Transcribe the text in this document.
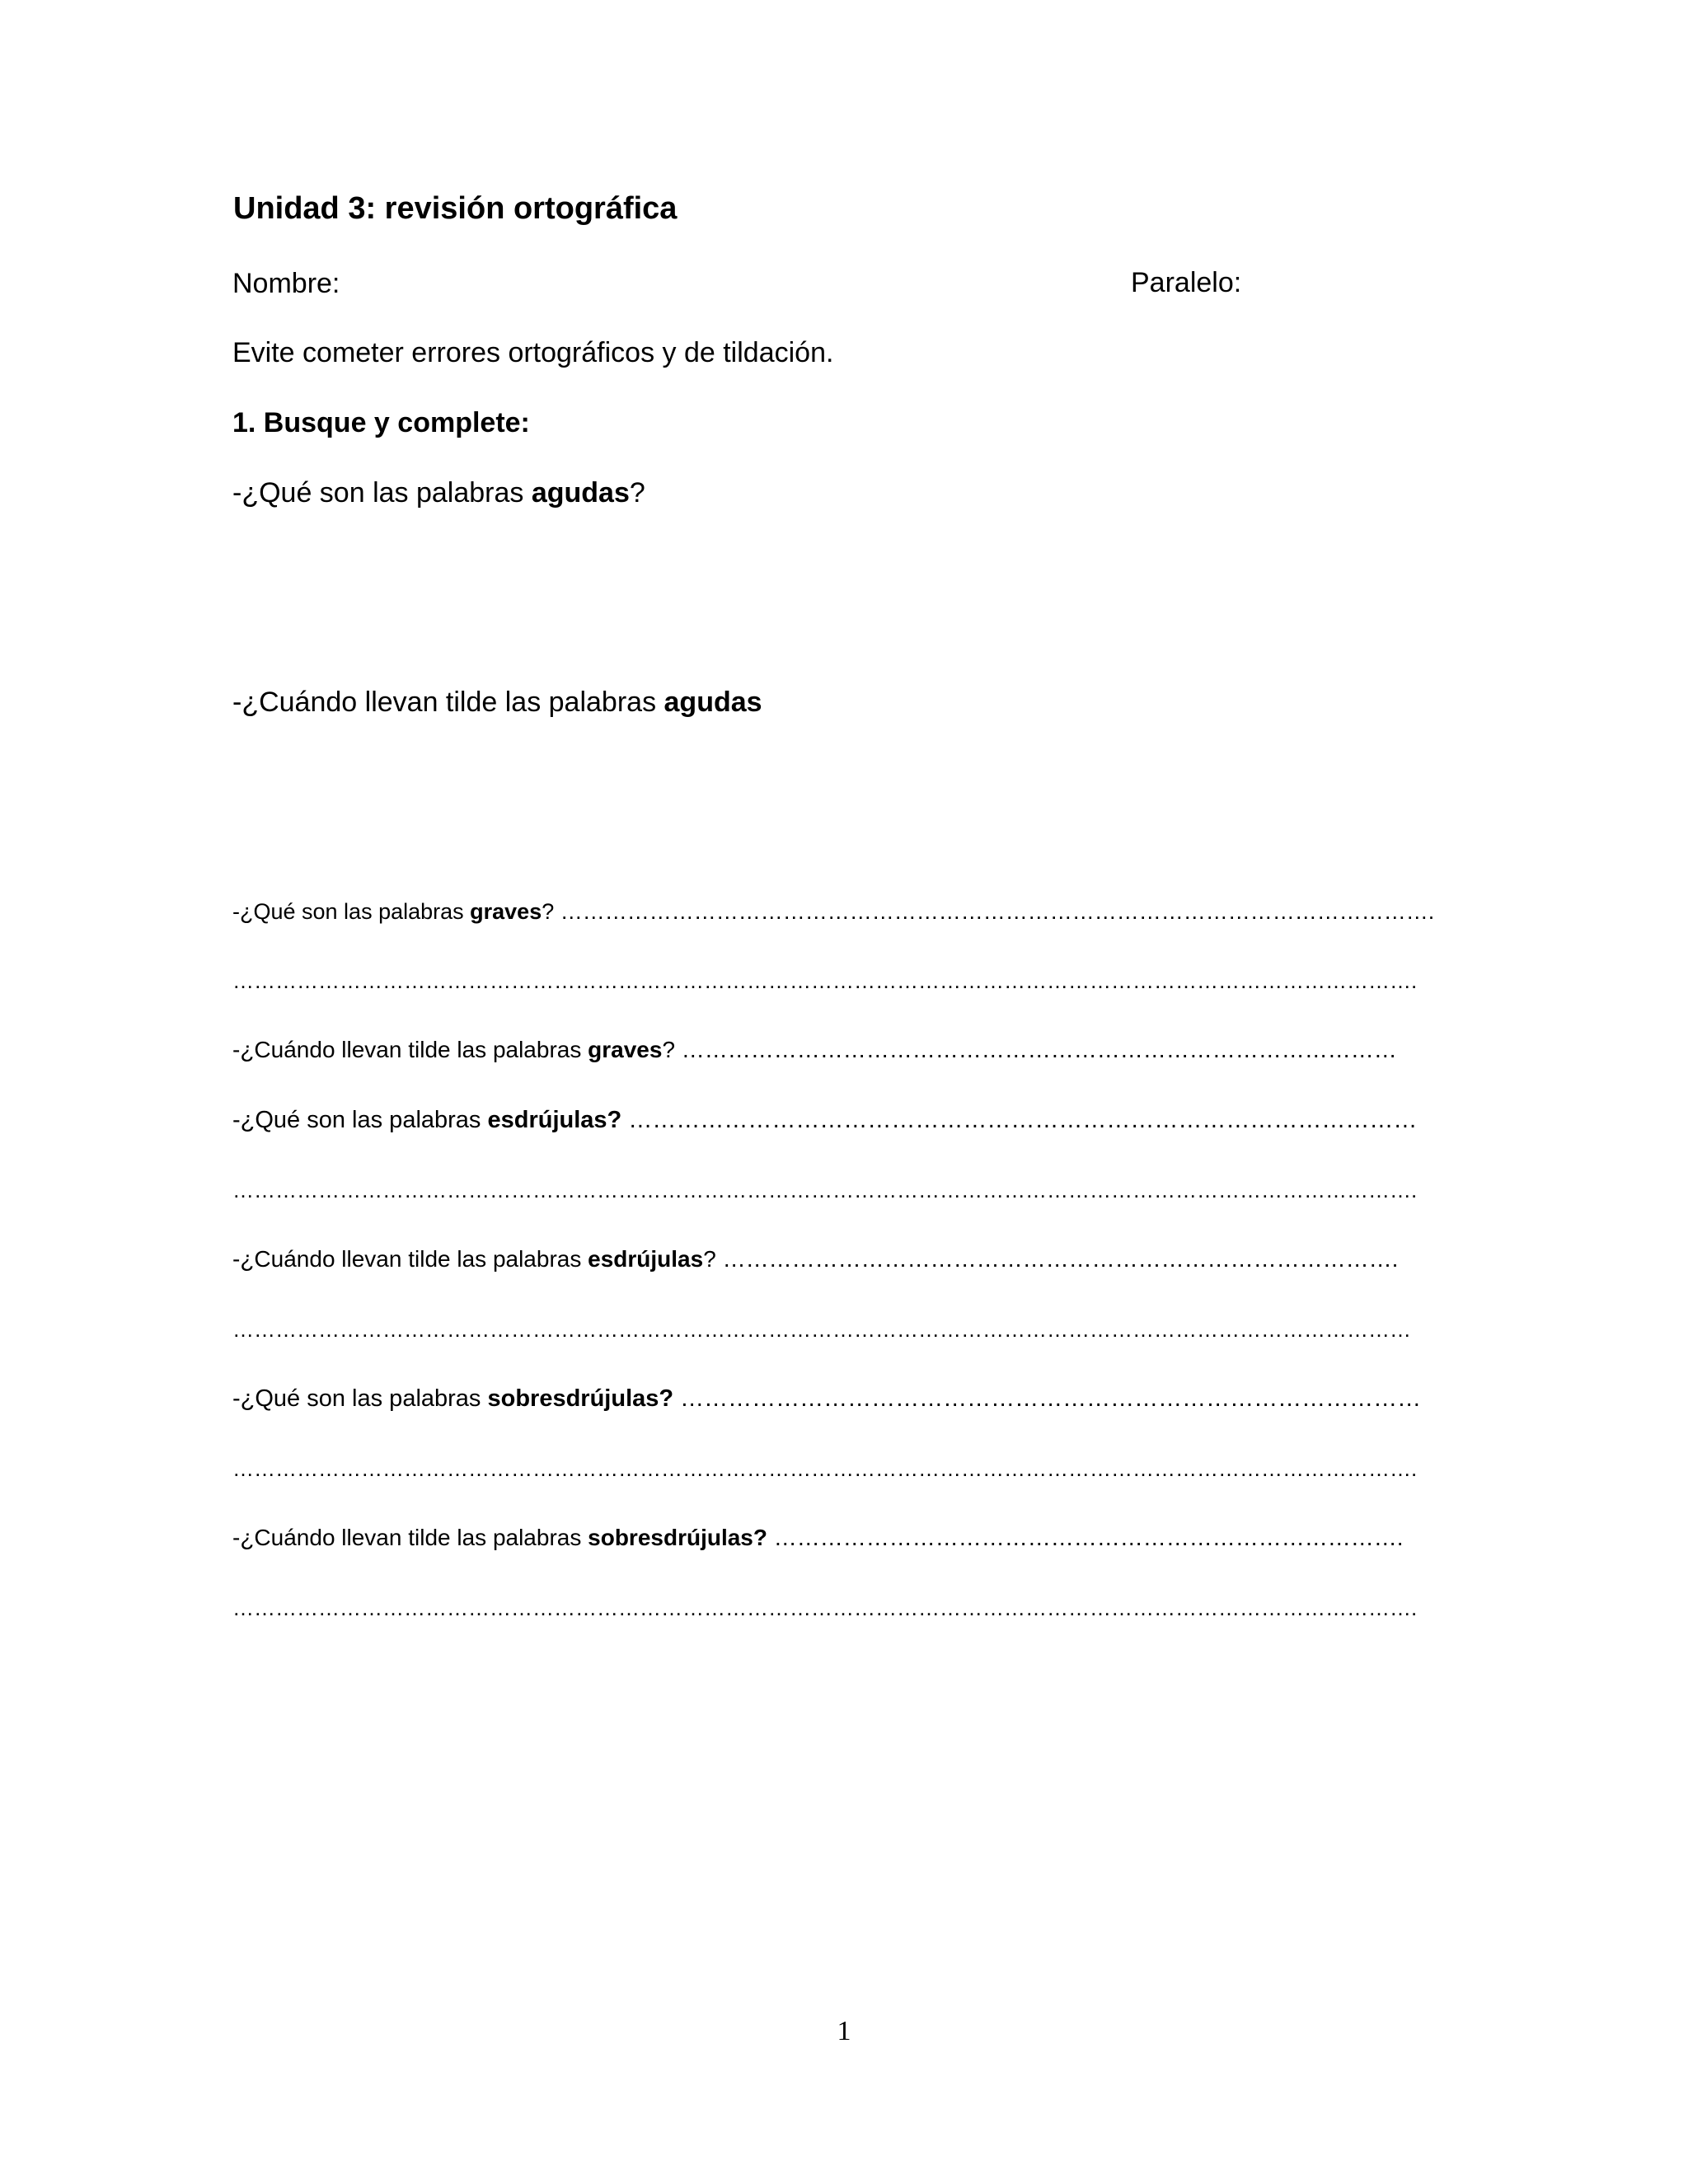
Unidad 3: revisión ortográfica
Nombre:	Paralelo:
Evite cometer errores ortográficos y de tildación.
1. Busque y complete:
-¿Qué son las palabras agudas?
-¿Cuándo llevan tilde las palabras agudas
-¿Qué son las palabras graves? ……………………………………………………………………………………………………….
………………………………………………………………………………………………………………………………………………….
-¿Cuándo llevan tilde las palabras graves? …………………………………………………………………………………
-¿Qué son las palabras esdrújulas? ………………………………………………………………………………………
………………………………………………………………………………………………………………………………………………….
-¿Cuándo llevan tilde las palabras esdrújulas? …………………………………………………………………………….
…………………………………………………………………………………………………………………………………………………
-¿Qué son las palabras sobresdrújulas? …………………………………………………………………………………
………………………………………………………………………………………………………………………………………………….
-¿Cuándo llevan tilde las palabras sobresdrújulas? ……………………………………………………………………….
………………………………………………………………………………………………………………………………………………….
1
